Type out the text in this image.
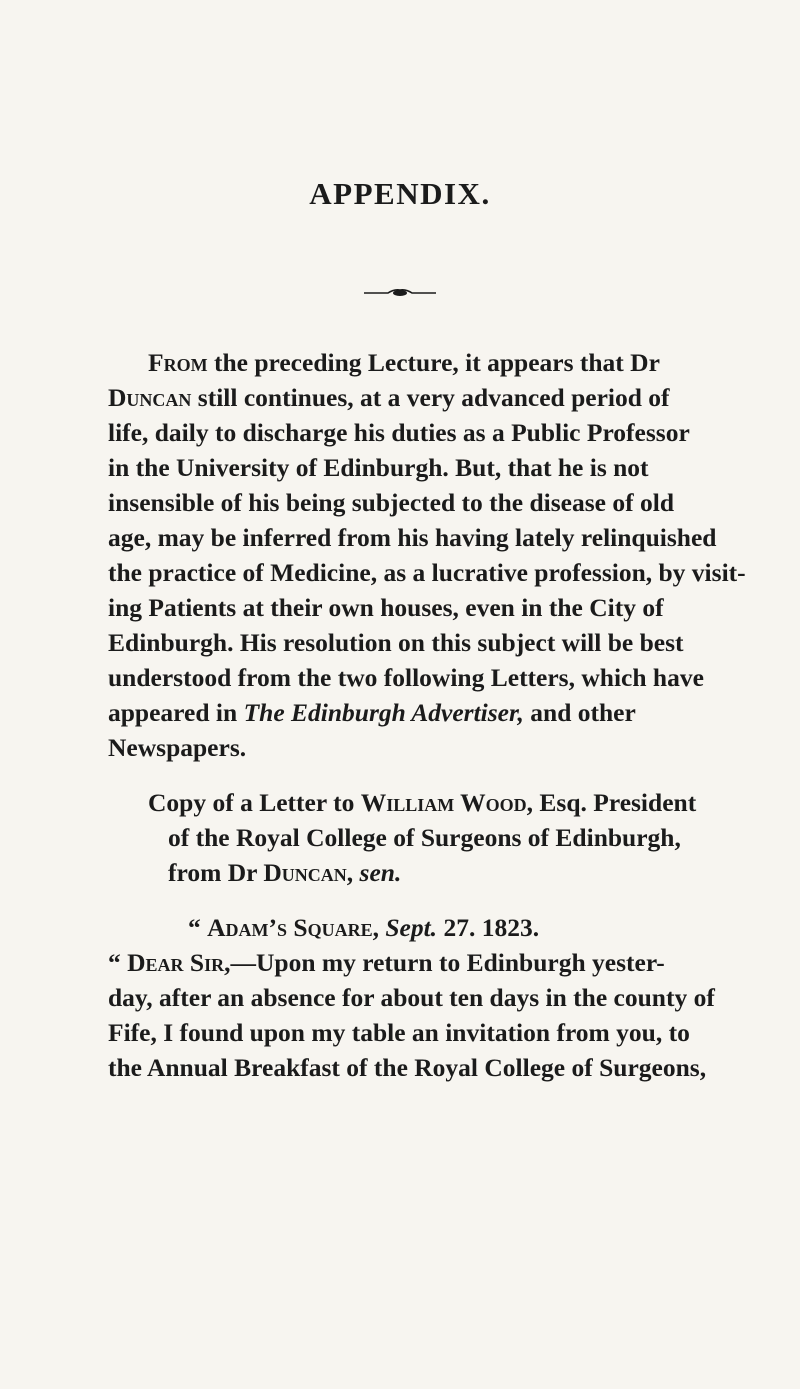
APPENDIX.
From the preceding Lecture, it appears that Dr
Duncan still continues, at a very advanced period of
life, daily to discharge his duties as a Public Professor
in the University of Edinburgh. But, that he is not
insensible of his being subjected to the disease of old
age, may be inferred from his having lately relinquished
the practice of Medicine, as a lucrative profession, by visit-
ing Patients at their own houses, even in the City of
Edinburgh. His resolution on this subject will be best
understood from the two following Letters, which have
appeared in The Edinburgh Advertiser, and other
Newspapers.
Copy of a Letter to William Wood, Esq. President
of the Royal College of Surgeons of Edinburgh,
from Dr Duncan, sen.
“ Adam’s Square, Sept. 27. 1823.
“ Dear Sir,—Upon my return to Edinburgh yester-
day, after an absence for about ten days in the county of
Fife, I found upon my table an invitation from you, to
the Annual Breakfast of the Royal College of Surgeons,
